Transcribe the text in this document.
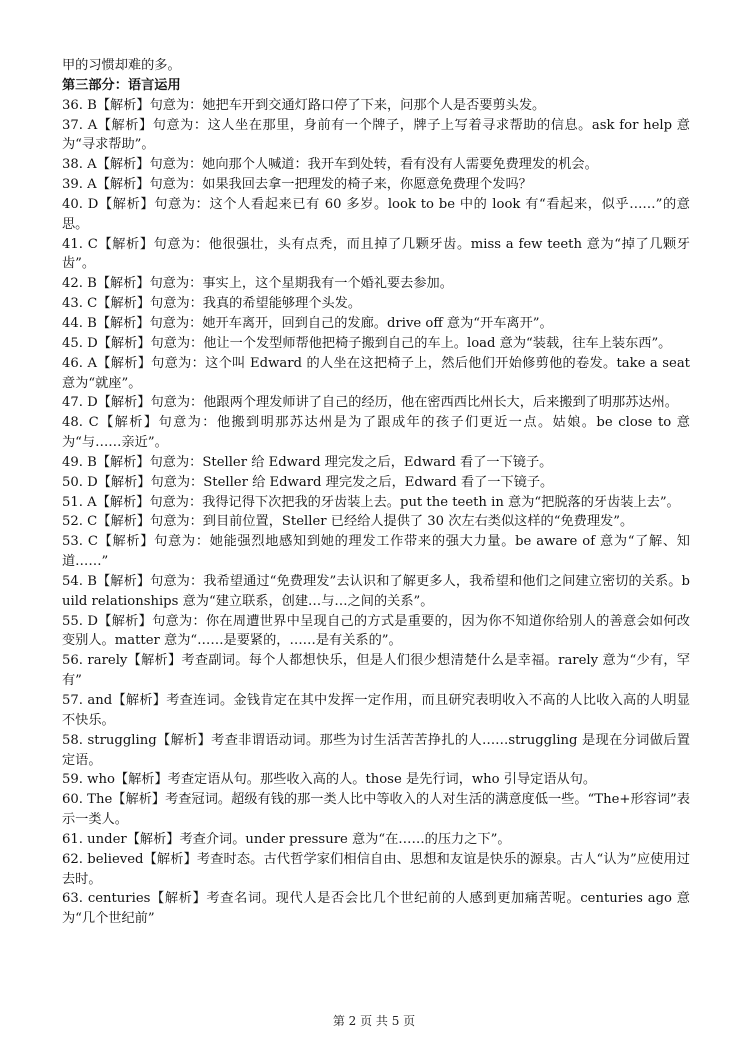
甲的习惯却难的多。
第三部分：语言运用
36. B【解析】句意为：她把车开到交通灯路口停了下来，问那个人是否要剪头发。
37. A【解析】句意为：这人坐在那里，身前有一个牌子，牌子上写着寻求帮助的信息。ask for help 意为“寻求帮助”。
38. A【解析】句意为：她向那个人喊道：我开车到处转，看有没有人需要免费理发的机会。
39. A【解析】句意为：如果我回去拿一把理发的椅子来，你愿意免费理个发吗？
40. D【解析】句意为：这个人看起来已有 60 多岁。look to be 中的 look 有“看起来，似乎……”的意思。
41. C【解析】句意为：他很强壮，头有点秃，而且掉了几颗牙齿。miss a few teeth 意为“掉了几颗牙齿”。
42. B【解析】句意为：事实上，这个星期我有一个婚礼要去参加。
43. C【解析】句意为：我真的希望能够理个头发。
44. B【解析】句意为：她开车离开，回到自己的发廊。drive off 意为“开车离开”。
45. D【解析】句意为：他让一个发型师帮他把椅子搬到自己的车上。load 意为“装载，往车上装东西”。
46. A【解析】句意为：这个叫 Edward 的人坐在这把椅子上，然后他们开始修剪他的卷发。take a seat 意为“就座”。
47. D【解析】句意为：他跟两个理发师讲了自己的经历，他在密西西比州长大，后来搬到了明那苏达州。
48. C【解析】句意为：他搬到明那苏达州是为了跟成年的孩子们更近一点。姑娘。be close to 意为“与……亲近”。
49. B【解析】句意为：Steller 给 Edward 理完发之后，Edward 看了一下镜子。
50. D【解析】句意为：Steller 给 Edward 理完发之后，Edward 看了一下镜子。
51. A【解析】句意为：我得记得下次把我的牙齿装上去。put the teeth in 意为“把脱落的牙齿装上去”。
52. C【解析】句意为：到目前位置，Steller 已经给人提供了 30 次左右类似这样的“免费理发”。
53. C【解析】句意为：她能强烈地感知到她的理发工作带来的强大力量。be aware of 意为“了解、知道……”
54. B【解析】句意为：我希望通过“免费理发”去认识和了解更多人，我希望和他们之间建立密切的关系。build relationships 意为“建立联系，创建…与…之间的关系”。
55. D【解析】句意为：你在周遭世界中呈现自己的方式是重要的，因为你不知道你给别人的善意会如何改变别人。matter 意为“……是要紧的，……是有关系的”。
56. rarely【解析】考查副词。每个人都想快乐，但是人们很少想清楚什么是幸福。rarely 意为“少有，罕有”
57. and【解析】考查连词。金钱肯定在其中发挥一定作用，而且研究表明收入不高的人比收入高的人明显不快乐。
58. struggling【解析】考查非谓语动词。那些为讨生活苦苦挣扎的人……struggling 是现在分词做后置定语。
59. who【解析】考查定语从句。那些收入高的人。those 是先行词，who 引导定语从句。
60. The【解析】考查冠词。超级有钱的那一类人比中等收入的人对生活的满意度低一些。“The+形容词”表示一类人。
61. under【解析】考查介词。under pressure 意为“在……的压力之下”。
62. believed【解析】考查时态。古代哲学家们相信自由、思想和友谊是快乐的源泉。古人“认为”应使用过去时。
63. centuries【解析】考查名词。现代人是否会比几个世纪前的人感到更加痛苦呢。centuries ago 意为“几个世纪前”
第 2 页 共 5 页
